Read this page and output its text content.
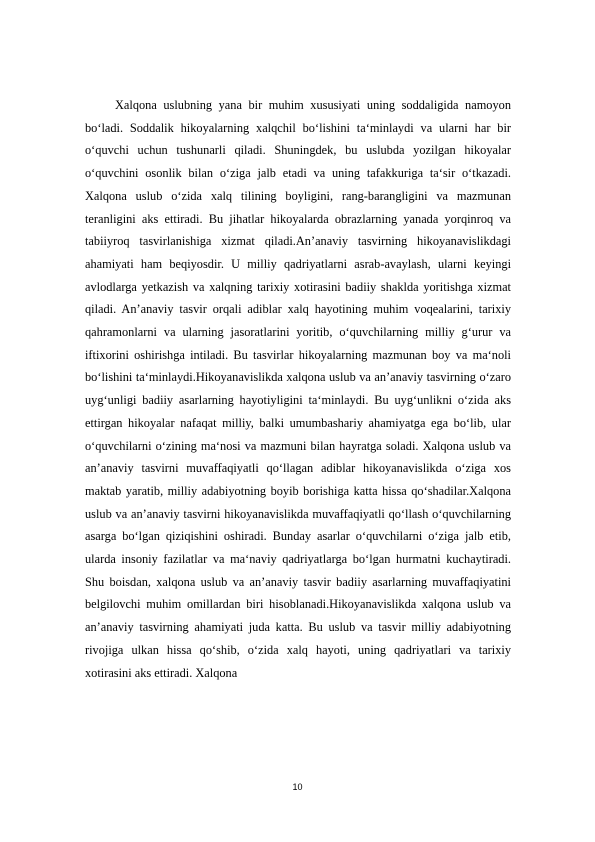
Xalqona uslubning yana bir muhim xususiyati uning soddaligida namoyon bo‘ladi. Soddalik hikoyalarning xalqchil bo‘lishini ta‘minlaydi va ularni har bir o‘quvchi uchun tushunarli qiladi. Shuningdek, bu uslubda yozilgan hikoyalar o‘quvchini osonlik bilan o‘ziga jalb etadi va uning tafakkuriga ta‘sir o‘tkazadi. Xalqona uslub o‘zida xalq tilining boyligini, rang-barangligini va mazmunan teranligini aks ettiradi. Bu jihatlar hikoyalarda obrazlarning yanada yorqinroq va tabiiyroq tasvirlanishiga xizmat qiladi.An’anaviy tasvirning hikoyanavislikdagi ahamiyati ham beqiyosdir. U milliy qadriyatlarni asrab-avaylash, ularni keyingi avlodlarga yetkazish va xalqning tarixiy xotirasini badiiy shaklda yoritishga xizmat qiladi. An’anaviy tasvir orqali adiblar xalq hayotining muhim voqealarini, tarixiy qahramonlarni va ularning jasoratlarini yoritib, o‘quvchilarning milliy g‘urur va iftixorini oshirishga intiladi. Bu tasvirlar hikoyalarning mazmunan boy va ma‘noli bo‘lishini ta‘minlaydi.Hikoyanavislikda xalqona uslub va an’anaviy tasvirning o‘zaro uyg‘unligi badiiy asarlarning hayotiyligini ta‘minlaydi. Bu uyg‘unlikni o‘zida aks ettirgan hikoyalar nafaqat milliy, balki umumbashariy ahamiyatga ega bo‘lib, ular o‘quvchilarni o‘zining ma‘nosi va mazmuni bilan hayratga soladi. Xalqona uslub va an’anaviy tasvirni muvaffaqiyatli qo‘llagan adiblar hikoyanavislikda o‘ziga xos maktab yaratib, milliy adabiyotning boyib borishiga katta hissa qo‘shadilar.Xalqona uslub va an’anaviy tasvirni hikoyanavislikda muvaffaqiyatli qo‘llash o‘quvchilarning asarga bo‘lgan qiziqishini oshiradi. Bunday asarlar o‘quvchilarni o‘ziga jalb etib, ularda insoniy fazilatlar va ma‘naviy qadriyatlarga bo‘lgan hurmatni kuchaytiradi. Shu boisdan, xalqona uslub va an’anaviy tasvir badiiy asarlarning muvaffaqiyatini belgilovchi muhim omillardan biri hisoblanadi.Hikoyanavislikda xalqona uslub va an’anaviy tasvirning ahamiyati juda katta. Bu uslub va tasvir milliy adabiyotning rivojiga ulkan hissa qo‘shib, o‘zida xalq hayoti, uning qadriyatlari va tarixiy xotirasini aks ettiradi. Xalqona

10
